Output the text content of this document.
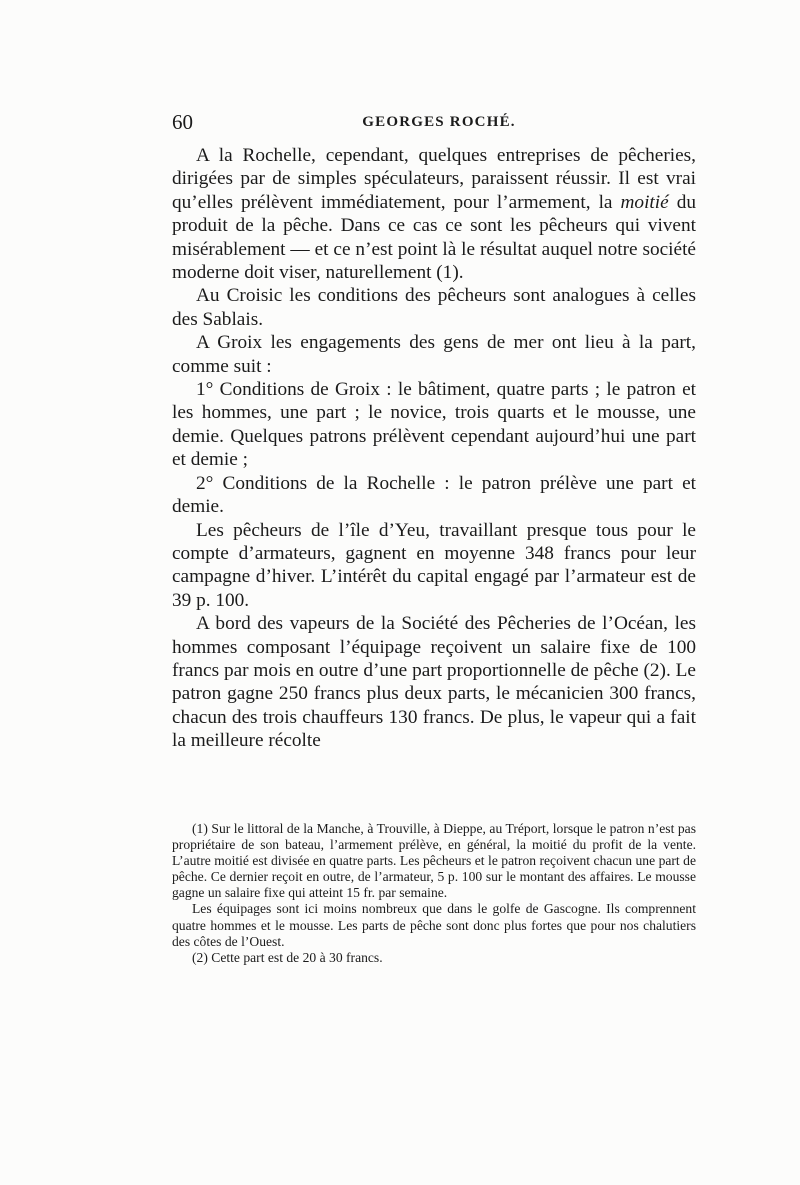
60	GEORGES ROCHÉ.

A la Rochelle, cependant, quelques entreprises de pêcheries, dirigées par de simples spéculateurs, paraissent réussir. Il est vrai qu’elles prélèvent immédiatement, pour l’armement, la moitié du produit de la pêche. Dans ce cas ce sont les pêcheurs qui vivent misérablement — et ce n’est point là le résultat auquel notre société moderne doit viser, naturellement (1).

Au Croisic les conditions des pêcheurs sont analogues à celles des Sablais.

A Groix les engagements des gens de mer ont lieu à la part, comme suit :

1° Conditions de Groix : le bâtiment, quatre parts ; le patron et les hommes, une part ; le novice, trois quarts et le mousse, une demie. Quelques patrons prélèvent cependant aujourd’hui une part et demie ;

2° Conditions de la Rochelle : le patron prélève une part et demie.

Les pêcheurs de l’île d’Yeu, travaillant presque tous pour le compte d’armateurs, gagnent en moyenne 348 francs pour leur campagne d’hiver. L’intérêt du capital engagé par l’armateur est de 39 p. 100.

A bord des vapeurs de la Société des Pêcheries de l’Océan, les hommes composant l’équipage reçoivent un salaire fixe de 100 francs par mois en outre d’une part proportionnelle de pêche (2). Le patron gagne 250 francs plus deux parts, le mécanicien 300 francs, chacun des trois chauffeurs 130 francs. De plus, le vapeur qui a fait la meilleure récolte

(1) Sur le littoral de la Manche, à Trouville, à Dieppe, au Tréport, lorsque le patron n’est pas propriétaire de son bateau, l’armement prélève, en général, la moitié du profit de la vente. L’autre moitié est divisée en quatre parts. Les pêcheurs et le patron reçoivent chacun une part de pêche. Ce dernier reçoit en outre, de l’armateur, 5 p. 100 sur le montant des affaires. Le mousse gagne un salaire fixe qui atteint 15 fr. par semaine.

Les équipages sont ici moins nombreux que dans le golfe de Gascogne. Ils comprennent quatre hommes et le mousse. Les parts de pêche sont donc plus fortes que pour nos chalutiers des côtes de l’Ouest.

(2) Cette part est de 20 à 30 francs.
